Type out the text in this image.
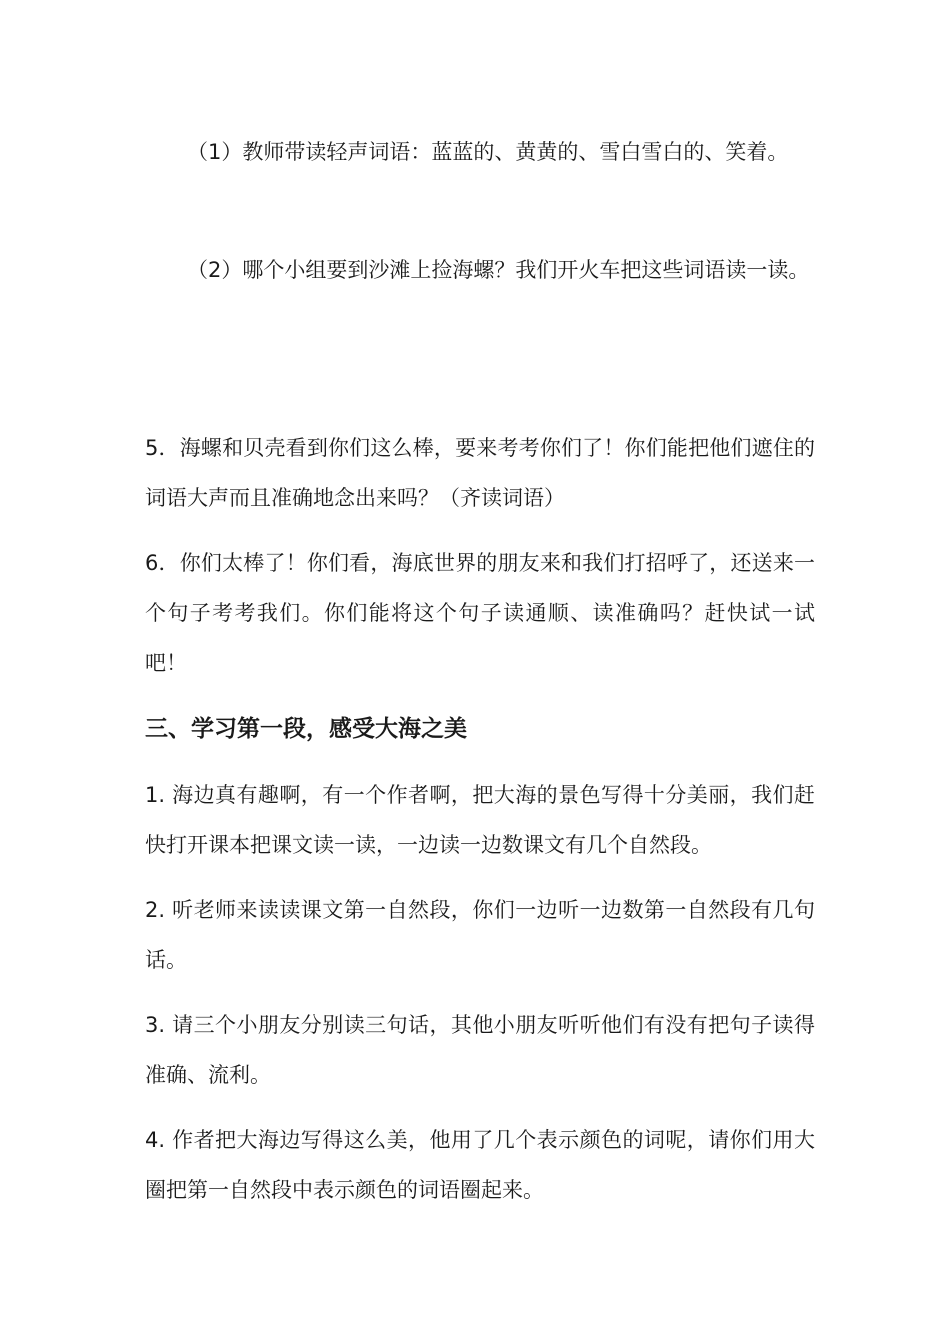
（1）教师带读轻声词语：蓝蓝的、黄黄的、雪白雪白的、笑着。

（2）哪个小组要到沙滩上捡海螺？我们开火车把这些词语读一读。

5．海螺和贝壳看到你们这么棒，要来考考你们了！你们能把他们遮住的词语大声而且准确地念出来吗？（齐读词语）

6．你们太棒了！你们看，海底世界的朋友来和我们打招呼了，还送来一个句子考考我们。你们能将这个句子读通顺、读准确吗？赶快试一试吧！

三、学习第一段，感受大海之美

1. 海边真有趣啊，有一个作者啊，把大海的景色写得十分美丽，我们赶快打开课本把课文读一读，一边读一边数课文有几个自然段。

2. 听老师来读读课文第一自然段，你们一边听一边数第一自然段有几句话。

3. 请三个小朋友分别读三句话，其他小朋友听听他们有没有把句子读得准确、流利。

4. 作者把大海边写得这么美，他用了几个表示颜色的词呢，请你们用大圈把第一自然段中表示颜色的词语圈起来。
